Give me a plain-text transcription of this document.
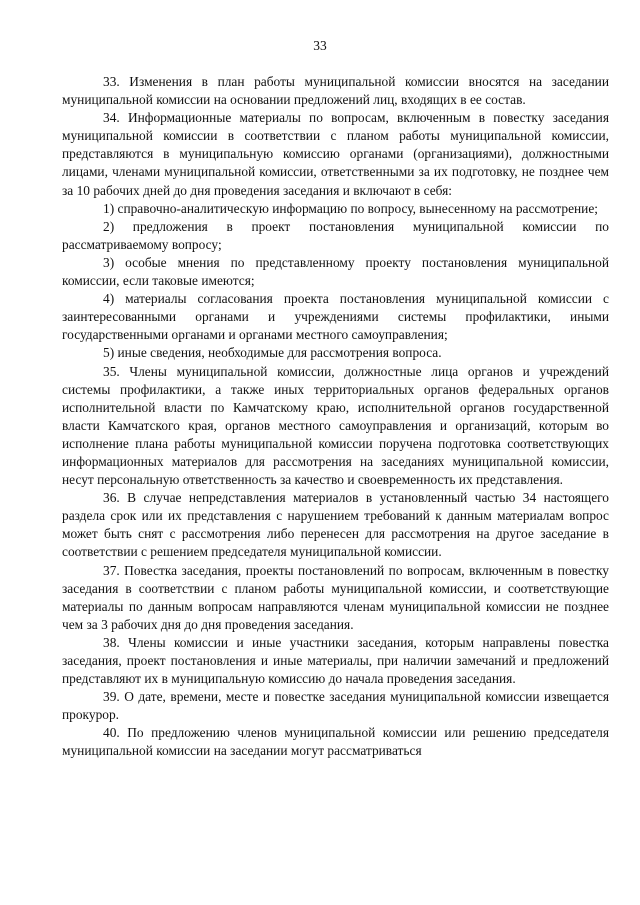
33

33. Изменения в план работы муниципальной комиссии вносятся на заседании муниципальной комиссии на основании предложений лиц, входящих в ее состав.

34. Информационные материалы по вопросам, включенным в повестку заседания муниципальной комиссии в соответствии с планом работы муниципальной комиссии, представляются в муниципальную комиссию органами (организациями), должностными лицами, членами муниципальной комиссии, ответственными за их подготовку, не позднее чем за 10 рабочих дней до дня проведения заседания и включают в себя:

1) справочно-аналитическую информацию по вопросу, вынесенному на рассмотрение;

2) предложения в проект постановления муниципальной комиссии по рассматриваемому вопросу;

3) особые мнения по представленному проекту постановления муниципальной комиссии, если таковые имеются;

4) материалы согласования проекта постановления муниципальной комиссии с заинтересованными органами и учреждениями системы профилактики, иными государственными органами и органами местного самоуправления;

5) иные сведения, необходимые для рассмотрения вопроса.

35. Члены муниципальной комиссии, должностные лица органов и учреждений системы профилактики, а также иных территориальных органов федеральных органов исполнительной власти по Камчатскому краю, исполнительной органов государственной власти Камчатского края, органов местного самоуправления и организаций, которым во исполнение плана работы муниципальной комиссии поручена подготовка соответствующих информационных материалов для рассмотрения на заседаниях муниципальной комиссии, несут персональную ответственность за качество и своевременность их представления.

36. В случае непредставления материалов в установленный частью 34 настоящего раздела срок или их представления с нарушением требований к данным материалам вопрос может быть снят с рассмотрения либо перенесен для рассмотрения на другое заседание в соответствии с решением председателя муниципальной комиссии.

37. Повестка заседания, проекты постановлений по вопросам, включенным в повестку заседания в соответствии с планом работы муниципальной комиссии, и соответствующие материалы по данным вопросам направляются членам муниципальной комиссии не позднее чем за 3 рабочих дня до дня проведения заседания.

38. Члены комиссии и иные участники заседания, которым направлены повестка заседания, проект постановления и иные материалы, при наличии замечаний и предложений представляют их в муниципальную комиссию до начала проведения заседания.

39. О дате, времени, месте и повестке заседания муниципальной комиссии извещается прокурор.

40. По предложению членов муниципальной комиссии или решению председателя муниципальной комиссии на заседании могут рассматриваться
